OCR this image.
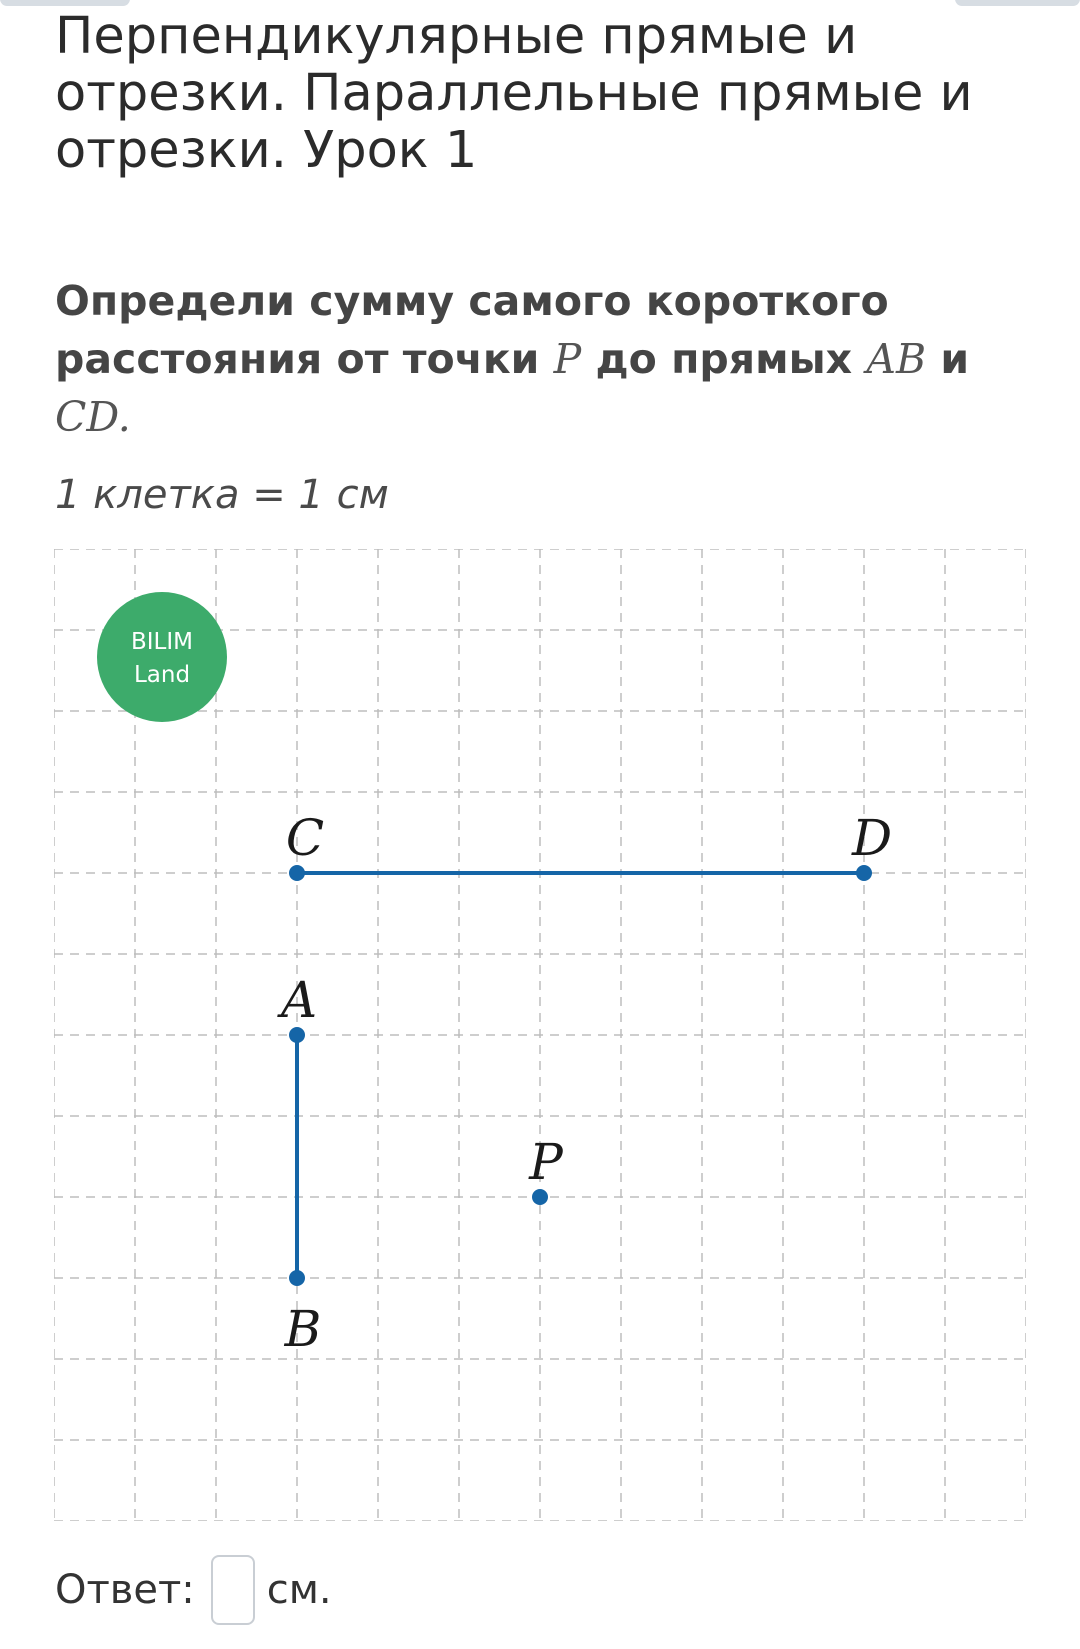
Перпендикулярные прямые и отрезки. Параллельные прямые и отрезки. Урок 1

Определи сумму самого короткого расстояния от точки P до прямых AB и CD.

1 клетка = 1 см
C	D
A
B
P
BILIM
Land
Ответ: см.
